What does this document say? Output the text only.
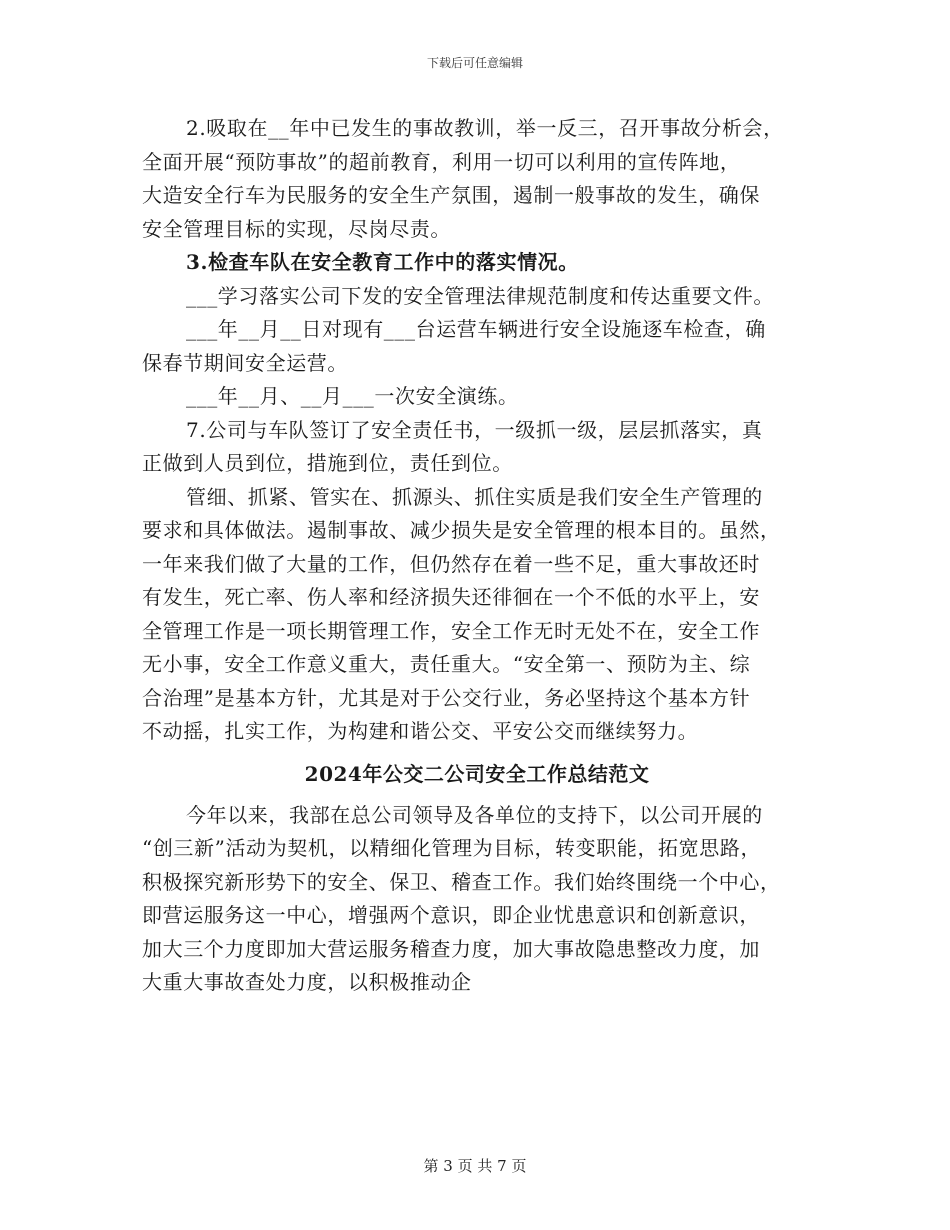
下载后可任意编辑
2.吸取在__年中已发生的事故教训，举一反三，召开事故分析会，
全面开展“预防事故”的超前教育，利用一切可以利用的宣传阵地，
大造安全行车为民服务的安全生产氛围，遏制一般事故的发生，确保
安全管理目标的实现，尽岗尽责。
3.检查车队在安全教育工作中的落实情况。
___学习落实公司下发的安全管理法律规范制度和传达重要文件。
___年__月__日对现有___台运营车辆进行安全设施逐车检查，确
保春节期间安全运营。
___年__月、__月___一次安全演练。
7.公司与车队签订了安全责任书，一级抓一级，层层抓落实，真
正做到人员到位，措施到位，责任到位。
管细、抓紧、管实在、抓源头、抓住实质是我们安全生产管理的
要求和具体做法。遏制事故、减少损失是安全管理的根本目的。虽然，
一年来我们做了大量的工作，但仍然存在着一些不足，重大事故还时
有发生，死亡率、伤人率和经济损失还徘徊在一个不低的水平上，安
全管理工作是一项长期管理工作，安全工作无时无处不在，安全工作
无小事，安全工作意义重大，责任重大。“安全第一、预防为主、综
合治理”是基本方针，尤其是对于公交行业，务必坚持这个基本方针
不动摇，扎实工作，为构建和谐公交、平安公交而继续努力。
2024年公交二公司安全工作总结范文
今年以来，我部在总公司领导及各单位的支持下，以公司开展的
“创三新”活动为契机，以精细化管理为目标，转变职能，拓宽思路，
积极探究新形势下的安全、保卫、稽查工作。我们始终围绕一个中心，
即营运服务这一中心，增强两个意识，即企业忧患意识和创新意识，
加大三个力度即加大营运服务稽查力度，加大事故隐患整改力度，加
大重大事故查处力度，以积极推动企
第 3 页 共 7 页
